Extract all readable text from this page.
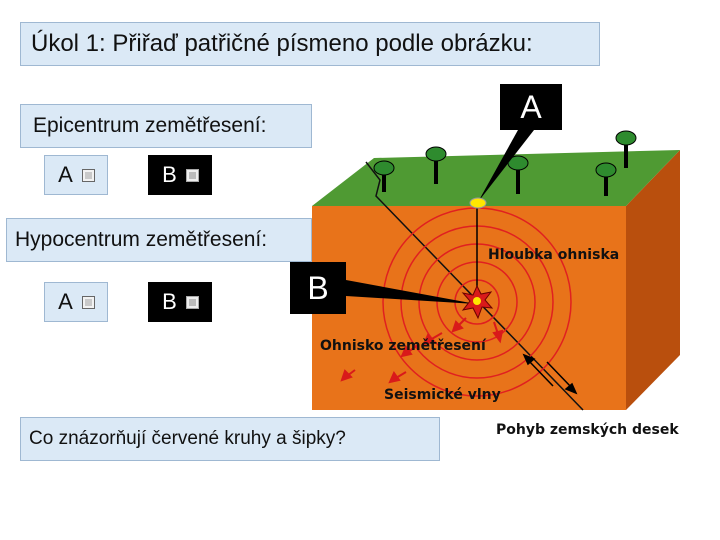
Úkol 1: Přiřaď patřičné písmeno podle obrázku:
Epicentrum zemětřesení:
A	B
Hypocentrum zemětřesení:
A	B
A
B
Hloubka ohniska
Ohnisko zemětřesení
Seismické vlny
Pohyb zemských desek
Co znázorňují červené kruhy a šipky?
